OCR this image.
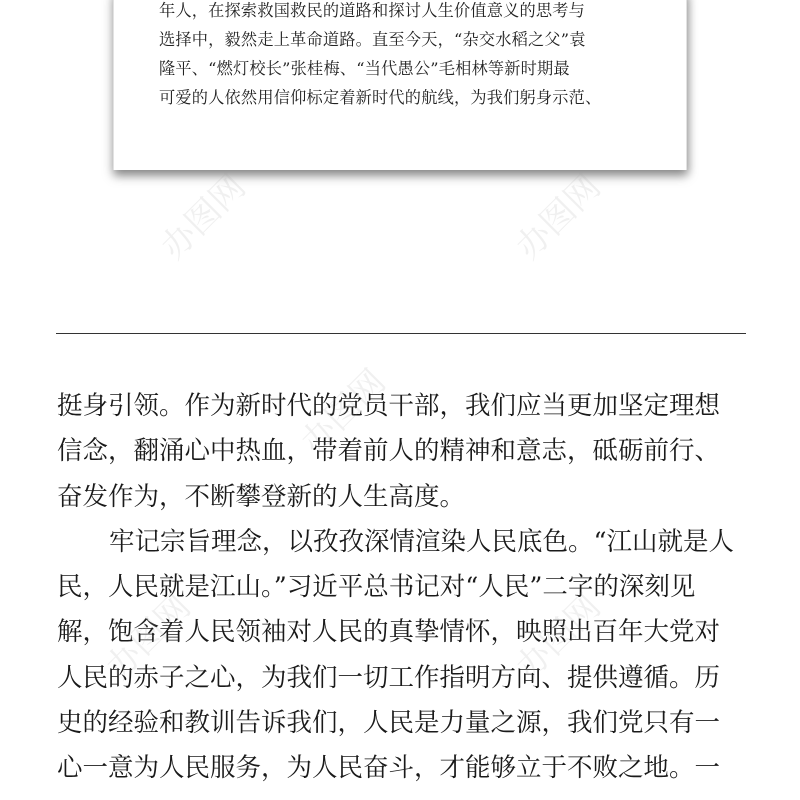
年人，在探索救国救民的道路和探讨人生价值意义的思考与
选择中，毅然走上革命道路。直至今天，“杂交水稻之父”袁
隆平、“燃灯校长”张桂梅、“当代愚公”毛相林等新时期最
可爱的人依然用信仰标定着新时代的航线，为我们躬身示范、
挺身引领。作为新时代的党员干部，我们应当更加坚定理想
信念，翻涌心中热血，带着前人的精神和意志，砥砺前行、
奋发作为，不断攀登新的人生高度。
牢记宗旨理念，以孜孜深情渲染人民底色。“江山就是人
民，人民就是江山。”习近平总书记对“人民”二字的深刻见
解，饱含着人民领袖对人民的真挚情怀，映照出百年大党对
人民的赤子之心，为我们一切工作指明方向、提供遵循。历
史的经验和教训告诉我们，人民是力量之源，我们党只有一
心一意为人民服务，为人民奋斗，才能够立于不败之地。一
办图网	办图网
办图网
办图网	办图网
